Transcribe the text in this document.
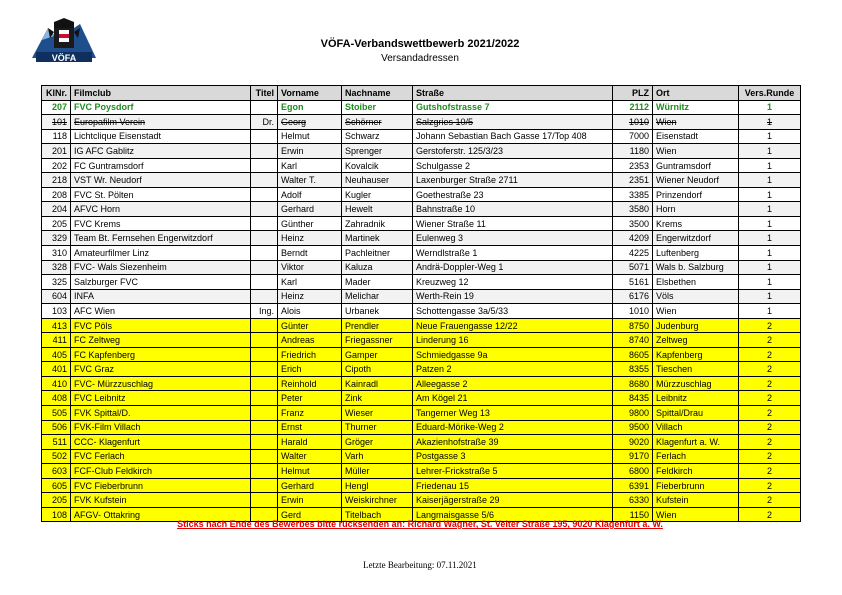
VÖFA
VÖFA-Verbandswettbewerb 2021/2022
Versandadressen
KlNr.	Filmclub	Titel	Vorname	Nachname	Straße	PLZ	Ort	Vers.Runde
207	FVC Poysdorf		Egon	Stoiber	Gutshofstrasse 7	2112	Würnitz	1
101	Europafilm Verein	Dr.	Georg	Schörner	Salzgries 10/5	1010	Wien	1
118	Lichtclique Eisenstadt		Helmut	Schwarz	Johann Sebastian Bach Gasse 17/Top 408	7000	Eisenstadt	1
201	IG AFC Gablitz		Erwin	Sprenger	Gerstoferstr. 125/3/23	1180	Wien	1
202	FC Guntramsdorf		Karl	Kovalcik	Schulgasse 2	2353	Guntramsdorf	1
218	VST Wr. Neudorf		Walter T.	Neuhauser	Laxenburger Straße 2711	2351	Wiener Neudorf	1
208	FVC St. Pölten		Adolf	Kugler	Goethestraße 23	3385	Prinzendorf	1
204	AFVC Horn		Gerhard	Hewelt	Bahnstraße 10	3580	Horn	1
205	FVC Krems		Günther	Zahradnik	Wiener Straße 11	3500	Krems	1
329	Team Bt. Fernsehen Engerwitzdorf		Heinz	Martinek	Eulenweg 3	4209	Engerwitzdorf	1
310	Amateurfilmer Linz		Berndt	Pachleitner	Werndlstraße 1	4225	Luftenberg	1
328	FVC- Wals Siezenheim		Viktor	Kaluza	Andrä-Doppler-Weg 1	5071	Wals b. Salzburg	1
325	Salzburger FVC		Karl	Mader	Kreuzweg 12	5161	Elsbethen	1
604	INFA		Heinz	Melichar	Werth-Rein 19	6176	Völs	1
103	AFC Wien	Ing.	Alois	Urbanek	Schottengasse 3a/5/33	1010	Wien	1
413	FVC Pöls		Günter	Prendler	Neue Frauengasse 12/22	8750	Judenburg	2
411	FC Zeltweg		Andreas	Friegassner	Linderung 16	8740	Zeltweg	2
405	FC Kapfenberg		Friedrich	Gamper	Schmiedgasse 9a	8605	Kapfenberg	2
401	FVC Graz		Erich	Cipoth	Patzen 2	8355	Tieschen	2
410	FVC- Mürzzuschlag		Reinhold	Kainradl	Alleegasse 2	8680	Mürzzuschlag	2
408	FVC Leibnitz		Peter	Zink	Am Kögel 21	8435	Leibnitz	2
505	FVK Spittal/D.		Franz	Wieser	Tangerner Weg 13	9800	Spittal/Drau	2
506	FVK-Film Villach		Ernst	Thurner	Eduard-Mörike-Weg 2	9500	Villach	2
511	CCC- Klagenfurt		Harald	Gröger	Akazienhofstraße 39	9020	Klagenfurt a. W.	2
502	FVC Ferlach		Walter	Varh	Postgasse 3	9170	Ferlach	2
603	FCF-Club Feldkirch		Helmut	Müller	Lehrer-Frickstraße 5	6800	Feldkirch	2
605	FVC Fieberbrunn		Gerhard	Hengl	Friedenau 15	6391	Fieberbrunn	2
205	FVK Kufstein		Erwin	Weiskirchner	Kaiserjägerstraße 29	6330	Kufstein	2
108	AFGV- Ottakring		Gerd	Titelbach	Langmaisgasse 5/6	1150	Wien	2
Sticks nach Ende des Bewerbes bitte rücksenden an: Richard Wagner, St. Veiter Straße 195, 9020 Klagenfurt a. W.
Letzte Bearbeitung: 07.11.2021
